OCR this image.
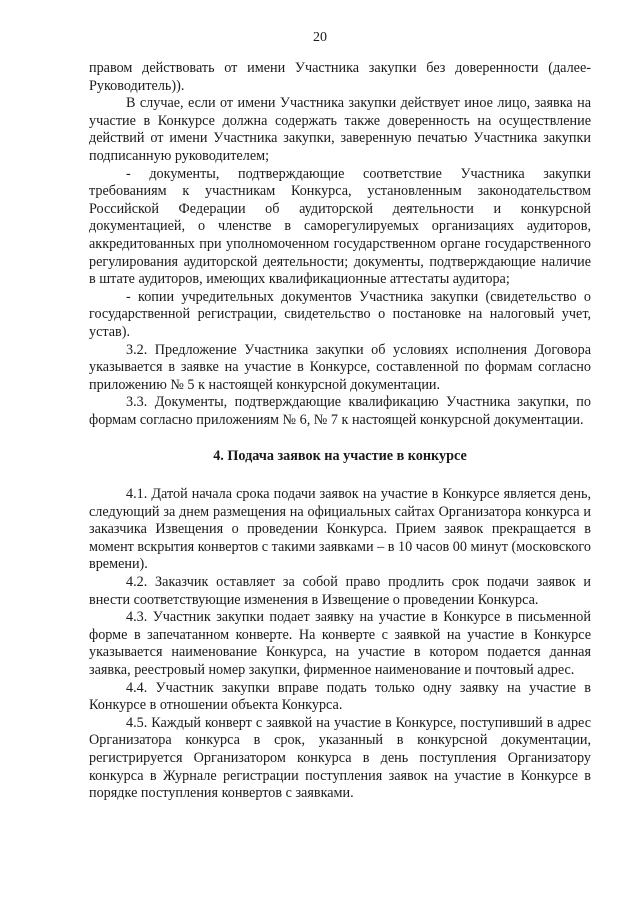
20

правом действовать от имени Участника закупки без доверенности (далее-Руководитель)).

В случае, если от имени Участника закупки действует иное лицо, заявка на участие в Конкурсе должна содержать также доверенность на осуществление действий от имени Участника закупки, заверенную печатью Участника закупки подписанную руководителем;

- документы, подтверждающие соответствие Участника закупки требованиям к участникам Конкурса, установленным законодательством Российской Федерации об аудиторской деятельности и конкурсной документацией, о членстве в саморегулируемых организациях аудиторов, аккредитованных при уполномоченном государственном органе государственного регулирования аудиторской деятельности; документы, подтверждающие наличие в штате аудиторов, имеющих квалификационные аттестаты аудитора;

- копии учредительных документов Участника закупки (свидетельство о государственной регистрации, свидетельство о постановке на налоговый учет, устав).

3.2. Предложение Участника закупки об условиях исполнения Договора указывается в заявке на участие в Конкурсе, составленной по формам согласно приложению № 5 к настоящей конкурсной документации.

3.3. Документы, подтверждающие квалификацию Участника закупки, по формам согласно приложениям № 6, № 7 к настоящей конкурсной документации.

4. Подача заявок на участие в конкурсе

4.1. Датой начала срока подачи заявок на участие в Конкурсе является день, следующий за днем размещения на официальных сайтах Организатора конкурса и заказчика Извещения о проведении Конкурса. Прием заявок прекращается в момент вскрытия конвертов с такими заявками – в 10 часов 00 минут (московского времени).

4.2. Заказчик оставляет за собой право продлить срок подачи заявок и внести соответствующие изменения в Извещение о проведении Конкурса.

4.3. Участник закупки подает заявку на участие в Конкурсе в письменной форме в запечатанном конверте. На конверте с заявкой на участие в Конкурсе указывается наименование Конкурса, на участие в котором подается данная заявка, реестровый номер закупки, фирменное наименование и почтовый адрес.

4.4. Участник закупки вправе подать только одну заявку на участие в Конкурсе в отношении объекта Конкурса.

4.5. Каждый конверт с заявкой на участие в Конкурсе, поступивший в адрес Организатора конкурса в срок, указанный в конкурсной документации, регистрируется Организатором конкурса в день поступления Организатору конкурса в Журнале регистрации поступления заявок на участие в Конкурсе в порядке поступления конвертов с заявками.
